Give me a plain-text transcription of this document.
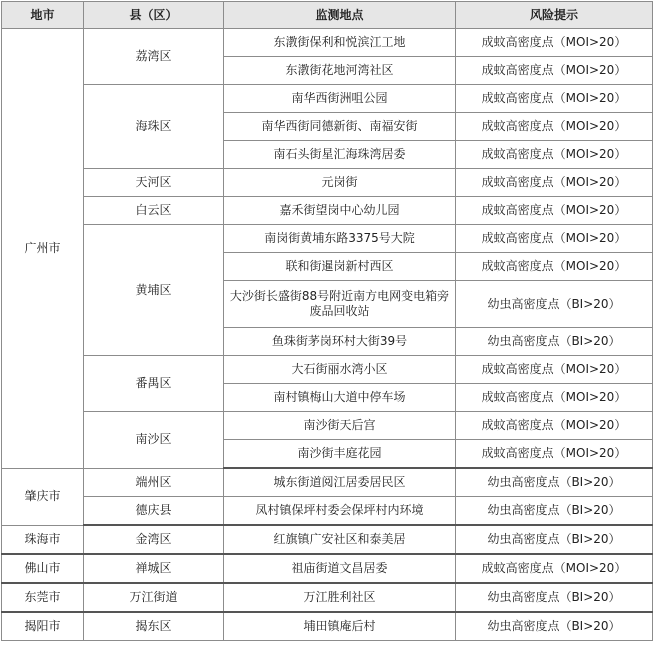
地市	县（区）	监测地点	风险提示
广州市	荔湾区	东漖街保利和悦滨江工地	成蚊高密度点（MOI>20）
		东漖街花地河湾社区	成蚊高密度点（MOI>20）
	海珠区	南华西街洲咀公园	成蚊高密度点（MOI>20）
		南华西街同德新街、南福安街	成蚊高密度点（MOI>20）
		南石头街星汇海珠湾居委	成蚊高密度点（MOI>20）
	天河区	元岗街	成蚊高密度点（MOI>20）
	白云区	嘉禾街望岗中心幼儿园	成蚊高密度点（MOI>20）
	黄埔区	南岗街黄埔东路3375号大院	成蚊高密度点（MOI>20）
		联和街暹岗新村西区	成蚊高密度点（MOI>20）
		大沙街长盛街88号附近南方电网变电箱旁废品回收站	幼虫高密度点（BI>20）
		鱼珠街茅岗环村大街39号	幼虫高密度点（BI>20）
	番禺区	大石街丽水湾小区	成蚊高密度点（MOI>20）
		南村镇梅山大道中停车场	成蚊高密度点（MOI>20）
	南沙区	南沙街天后宫	成蚊高密度点（MOI>20）
		南沙街丰庭花园	成蚊高密度点（MOI>20）
肇庆市	端州区	城东街道阅江居委居民区	幼虫高密度点（BI>20）
	德庆县	凤村镇保坪村委会保坪村内环境	幼虫高密度点（BI>20）
珠海市	金湾区	红旗镇广安社区和泰美居	幼虫高密度点（BI>20）
佛山市	禅城区	祖庙街道文昌居委	成蚊高密度点（MOI>20）
东莞市	万江街道	万江胜利社区	幼虫高密度点（BI>20）
揭阳市	揭东区	埔田镇庵后村	幼虫高密度点（BI>20）
